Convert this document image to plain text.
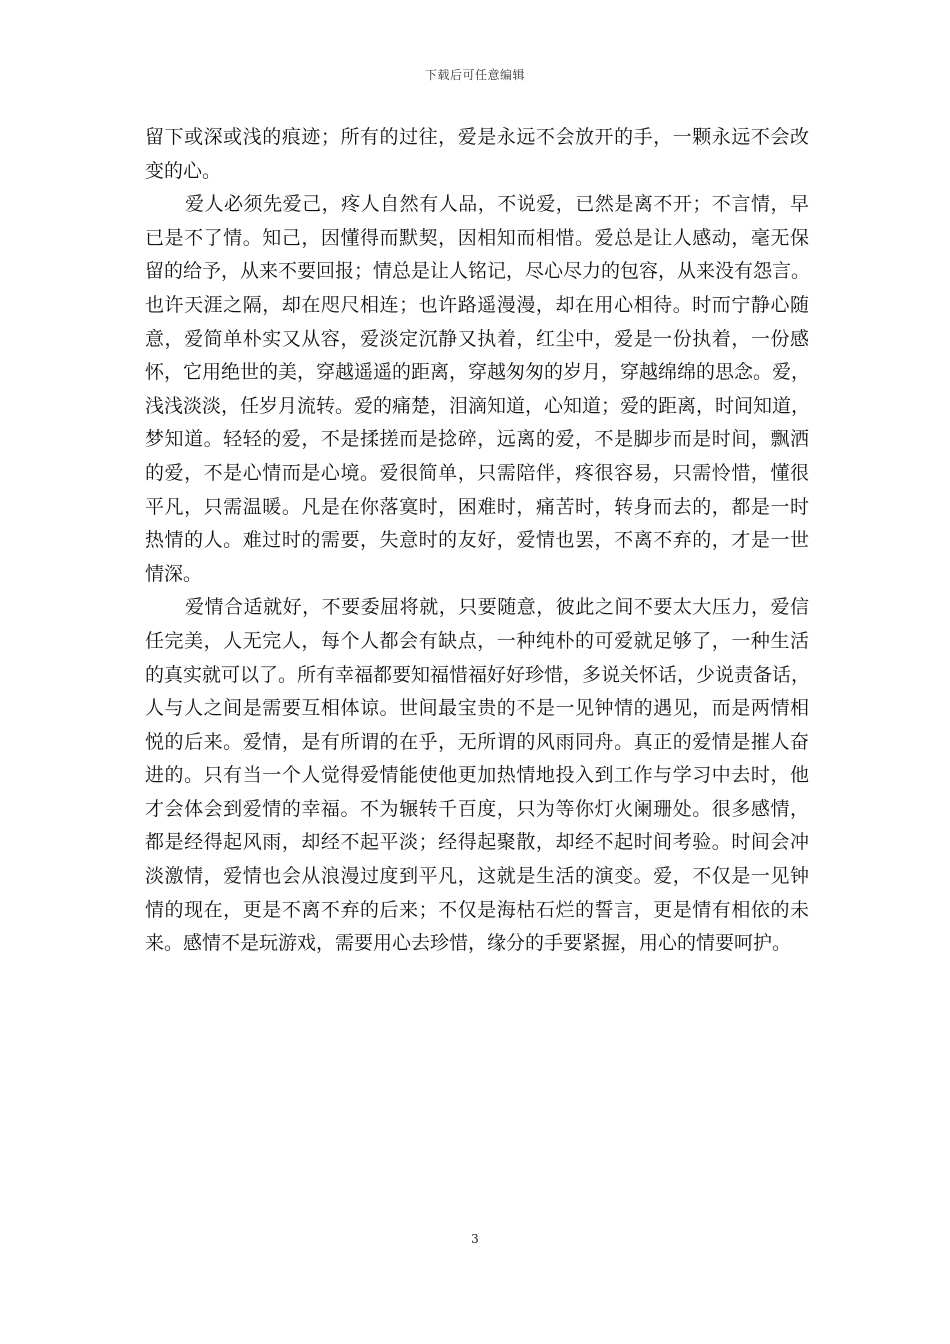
下载后可任意编辑
留下或深或浅的痕迹；所有的过往，爱是永远不会放开的手，一颗永远不会改
变的心。
爱人必须先爱己，疼人自然有人品，不说爱，已然是离不开；不言情，早
已是不了情。知己，因懂得而默契，因相知而相惜。爱总是让人感动，毫无保
留的给予，从来不要回报；情总是让人铭记，尽心尽力的包容，从来没有怨言。
也许天涯之隔，却在咫尺相连；也许路遥漫漫，却在用心相待。时而宁静心随
意，爱简单朴实又从容，爱淡定沉静又执着，红尘中，爱是一份执着，一份感
怀，它用绝世的美，穿越遥遥的距离，穿越匆匆的岁月，穿越绵绵的思念。爱，
浅浅淡淡，任岁月流转。爱的痛楚，泪滴知道，心知道；爱的距离，时间知道，
梦知道。轻轻的爱，不是揉搓而是捻碎，远离的爱，不是脚步而是时间，飘洒
的爱，不是心情而是心境。爱很简单，只需陪伴，疼很容易，只需怜惜，懂很
平凡，只需温暖。凡是在你落寞时，困难时，痛苦时，转身而去的，都是一时
热情的人。难过时的需要，失意时的友好，爱情也罢，不离不弃的，才是一世
情深。
爱情合适就好，不要委屈将就，只要随意，彼此之间不要太大压力，爱信
任完美，人无完人，每个人都会有缺点，一种纯朴的可爱就足够了，一种生活
的真实就可以了。所有幸福都要知福惜福好好珍惜，多说关怀话，少说责备话，
人与人之间是需要互相体谅。世间最宝贵的不是一见钟情的遇见，而是两情相
悦的后来。爱情，是有所谓的在乎，无所谓的风雨同舟。真正的爱情是摧人奋
进的。只有当一个人觉得爱情能使他更加热情地投入到工作与学习中去时，他
才会体会到爱情的幸福。不为辗转千百度，只为等你灯火阑珊处。很多感情，
都是经得起风雨，却经不起平淡；经得起聚散，却经不起时间考验。时间会冲
淡激情，爱情也会从浪漫过度到平凡，这就是生活的演变。爱，不仅是一见钟
情的现在，更是不离不弃的后来；不仅是海枯石烂的誓言，更是情有相依的未
来。感情不是玩游戏，需要用心去珍惜，缘分的手要紧握，用心的情要呵护。
3
